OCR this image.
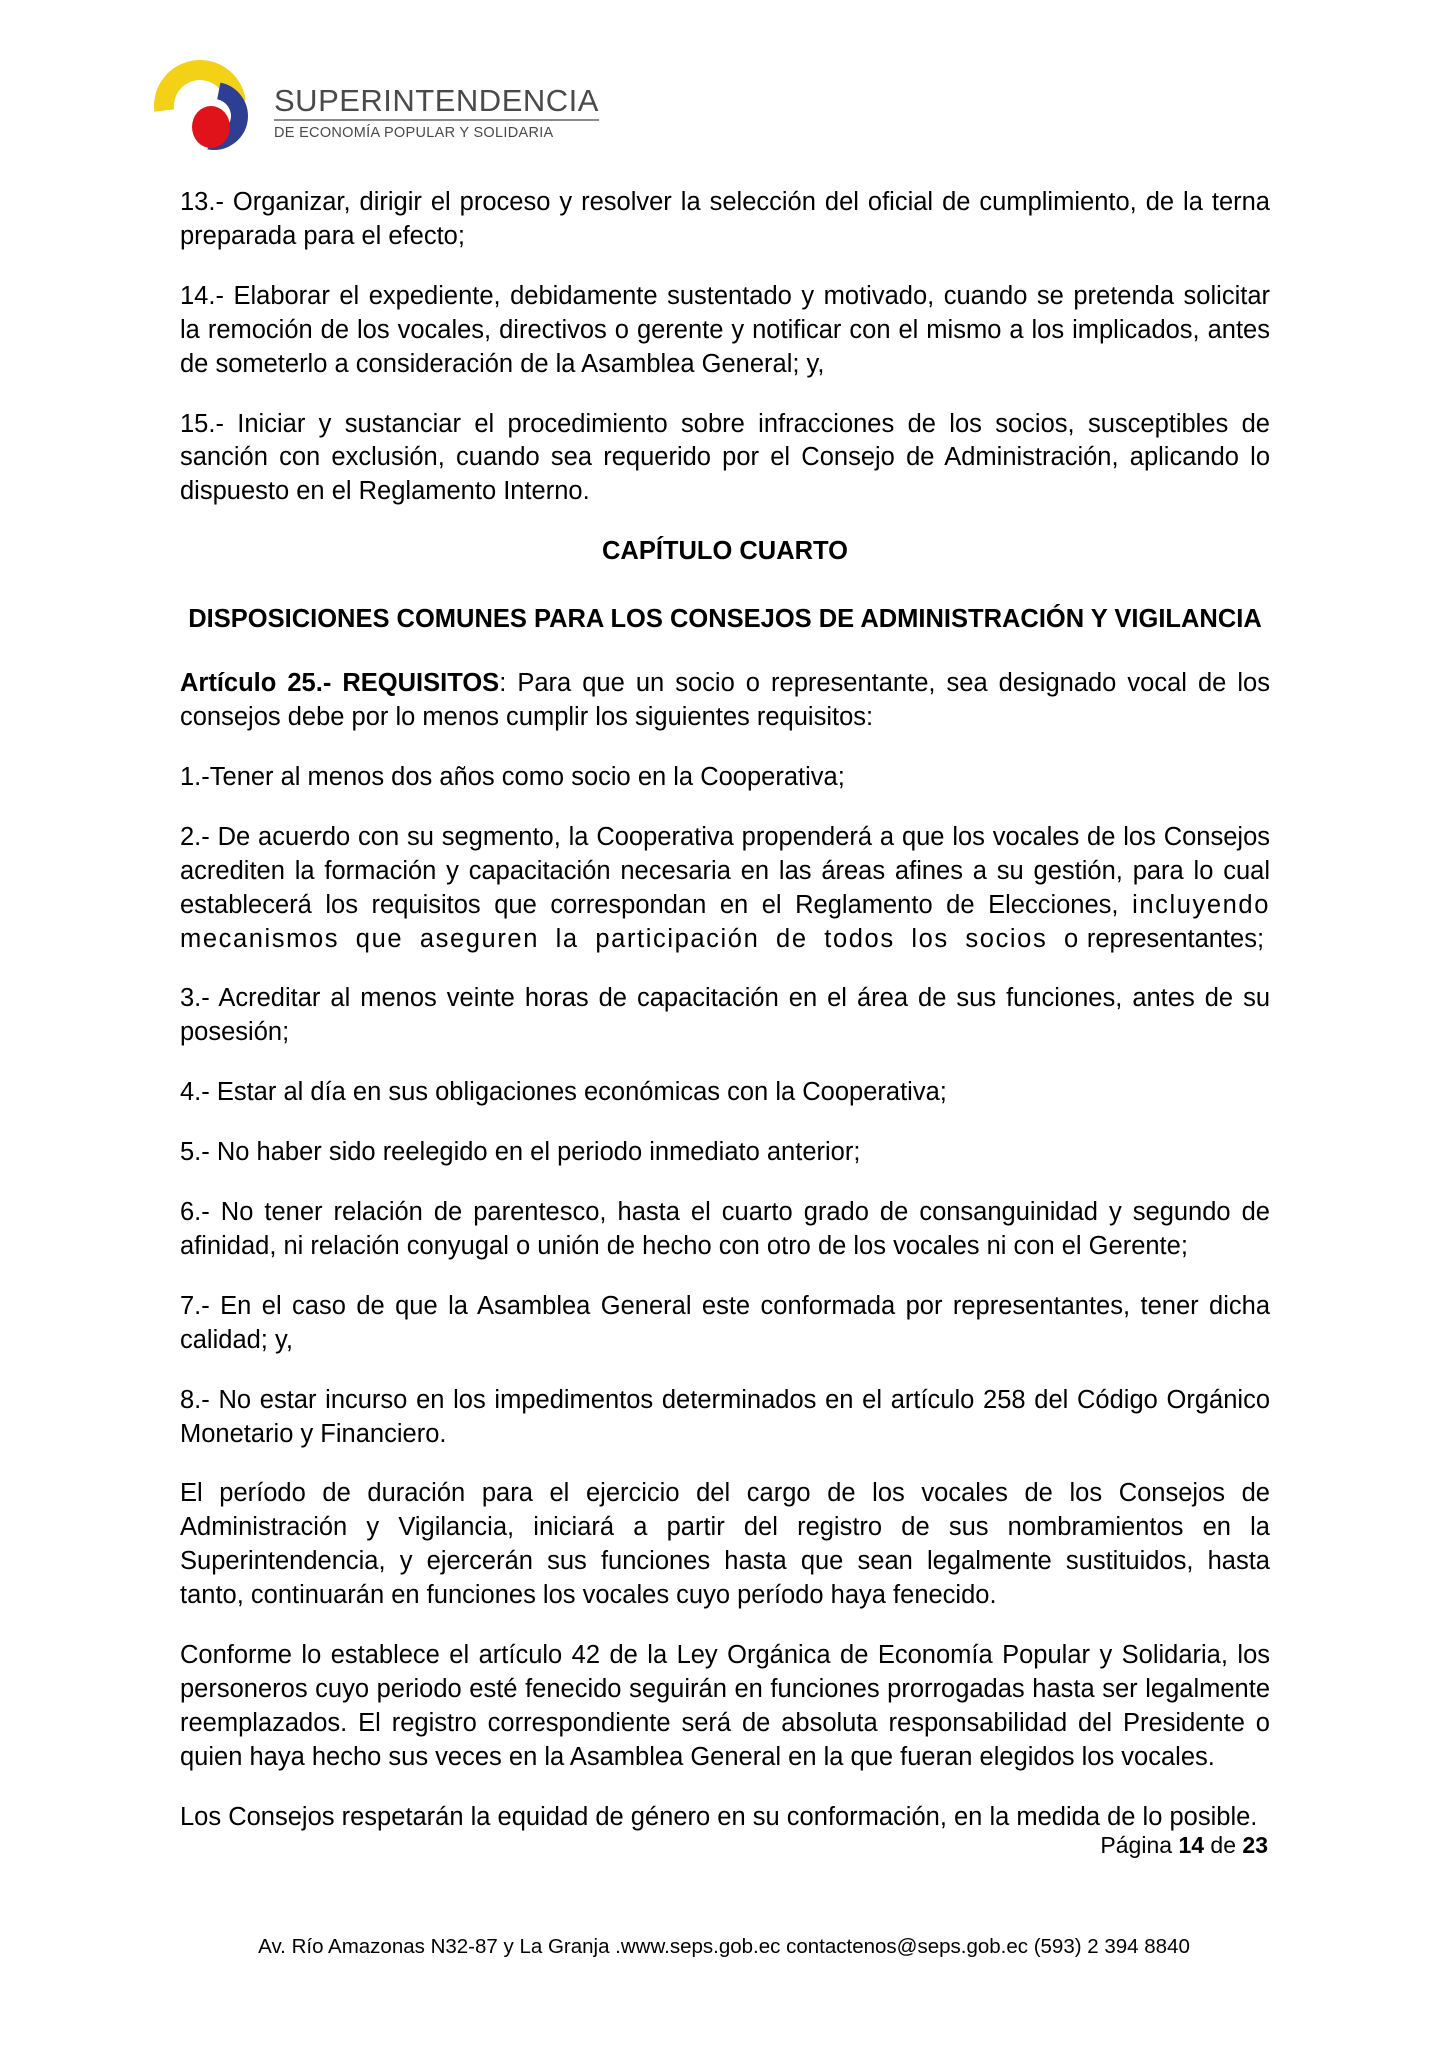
SUPERINTENDENCIA
DE ECONOMÍA POPULAR Y SOLIDARIA

13.- Organizar, dirigir el proceso y resolver la selección del oficial de cumplimiento, de la terna preparada para el efecto;

14.- Elaborar el expediente, debidamente sustentado y motivado, cuando se pretenda solicitar la remoción de los vocales, directivos o gerente y notificar con el mismo a los implicados, antes de someterlo a consideración de la Asamblea General; y,

15.- Iniciar y sustanciar el procedimiento sobre infracciones de los socios, susceptibles de sanción con exclusión, cuando sea requerido por el Consejo de Administración, aplicando lo dispuesto en el Reglamento Interno.

CAPÍTULO CUARTO
DISPOSICIONES COMUNES PARA LOS CONSEJOS DE ADMINISTRACIÓN Y VIGILANCIA

Artículo 25.- REQUISITOS: Para que un socio o representante, sea designado vocal de los consejos debe por lo menos cumplir los siguientes requisitos:

1.-Tener al menos dos años como socio en la Cooperativa;

2.- De acuerdo con su segmento, la Cooperativa propenderá a que los vocales de los Consejos acrediten la formación y capacitación necesaria en las áreas afines a su gestión, para lo cual establecerá los requisitos que correspondan en el Reglamento de Elecciones, incluyendo mecanismos que aseguren la participación de todos los socios o representantes;

3.- Acreditar al menos veinte horas de capacitación en el área de sus funciones, antes de su posesión;

4.- Estar al día en sus obligaciones económicas con la Cooperativa;

5.- No haber sido reelegido en el periodo inmediato anterior;

6.- No tener relación de parentesco, hasta el cuarto grado de consanguinidad y segundo de afinidad, ni relación conyugal o unión de hecho con otro de los vocales ni con el Gerente;

7.- En el caso de que la Asamblea General este conformada por representantes, tener dicha calidad; y,

8.- No estar incurso en los impedimentos determinados en el artículo 258 del Código Orgánico Monetario y Financiero.

El período de duración para el ejercicio del cargo de los vocales de los Consejos de Administración y Vigilancia, iniciará a partir del registro de sus nombramientos en la Superintendencia, y ejercerán sus funciones hasta que sean legalmente sustituidos, hasta tanto, continuarán en funciones los vocales cuyo período haya fenecido.

Conforme lo establece el artículo 42 de la Ley Orgánica de Economía Popular y Solidaria, los personeros cuyo periodo esté fenecido seguirán en funciones prorrogadas hasta ser legalmente reemplazados. El registro correspondiente será de absoluta responsabilidad del Presidente o quien haya hecho sus veces en la Asamblea General en la que fueran elegidos los vocales.

Los Consejos respetarán la equidad de género en su conformación, en la medida de lo posible.

Página 14 de 23
Av. Río Amazonas N32-87 y La Granja .www.seps.gob.ec contactenos@seps.gob.ec (593) 2 394 8840
